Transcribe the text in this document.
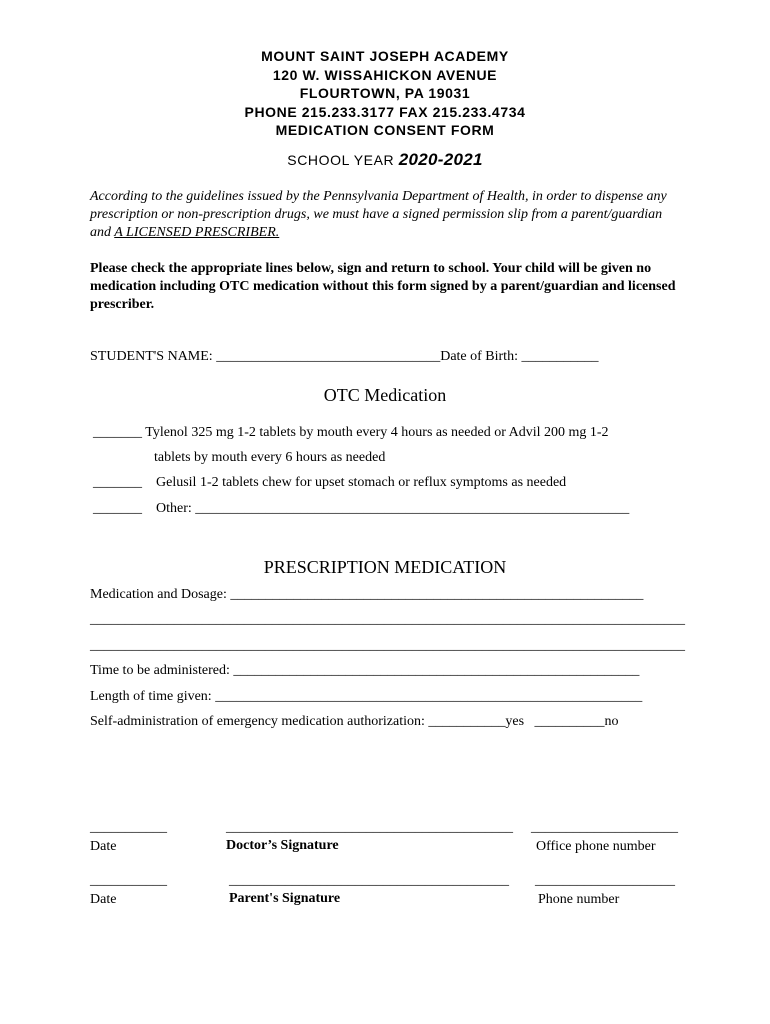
MOUNT SAINT JOSEPH ACADEMY
120 W. WISSAHICKON AVENUE
FLOURTOWN, PA 19031
PHONE 215.233.3177 FAX 215.233.4734
MEDICATION CONSENT FORM
SCHOOL YEAR 2020-2021
According to the guidelines issued by the Pennsylvania Department of Health, in order to dispense any prescription or non-prescription drugs, we must have a signed permission slip from a parent/guardian and A LICENSED PRESCRIBER.
Please check the appropriate lines below, sign and return to school. Your child will be given no medication including OTC medication without this form signed by a parent/guardian and licensed prescriber.
STUDENT'S NAME: ________________________________Date of Birth: ___________
OTC Medication
_______ Tylenol 325 mg 1-2 tablets by mouth every 4 hours as needed or Advil 200 mg 1-2
tablets by mouth every 6 hours as needed
_______    Gelusil 1-2 tablets chew for upset stomach or reflux symptoms as needed
_______    Other: ______________________________________________________________
PRESCRIPTION MEDICATION
Medication and Dosage: ___________________________________________________________
_____________________________________________________________________________________
_____________________________________________________________________________________
Time to be administered: __________________________________________________________
Length of time given: _____________________________________________________________
Self-administration of emergency medication authorization: ___________yes   __________no
___________
Date
_________________________________________
Doctor’s Signature
_____________________
Office phone number
___________
Date
________________________________________
Parent's Signature
____________________
Phone number
